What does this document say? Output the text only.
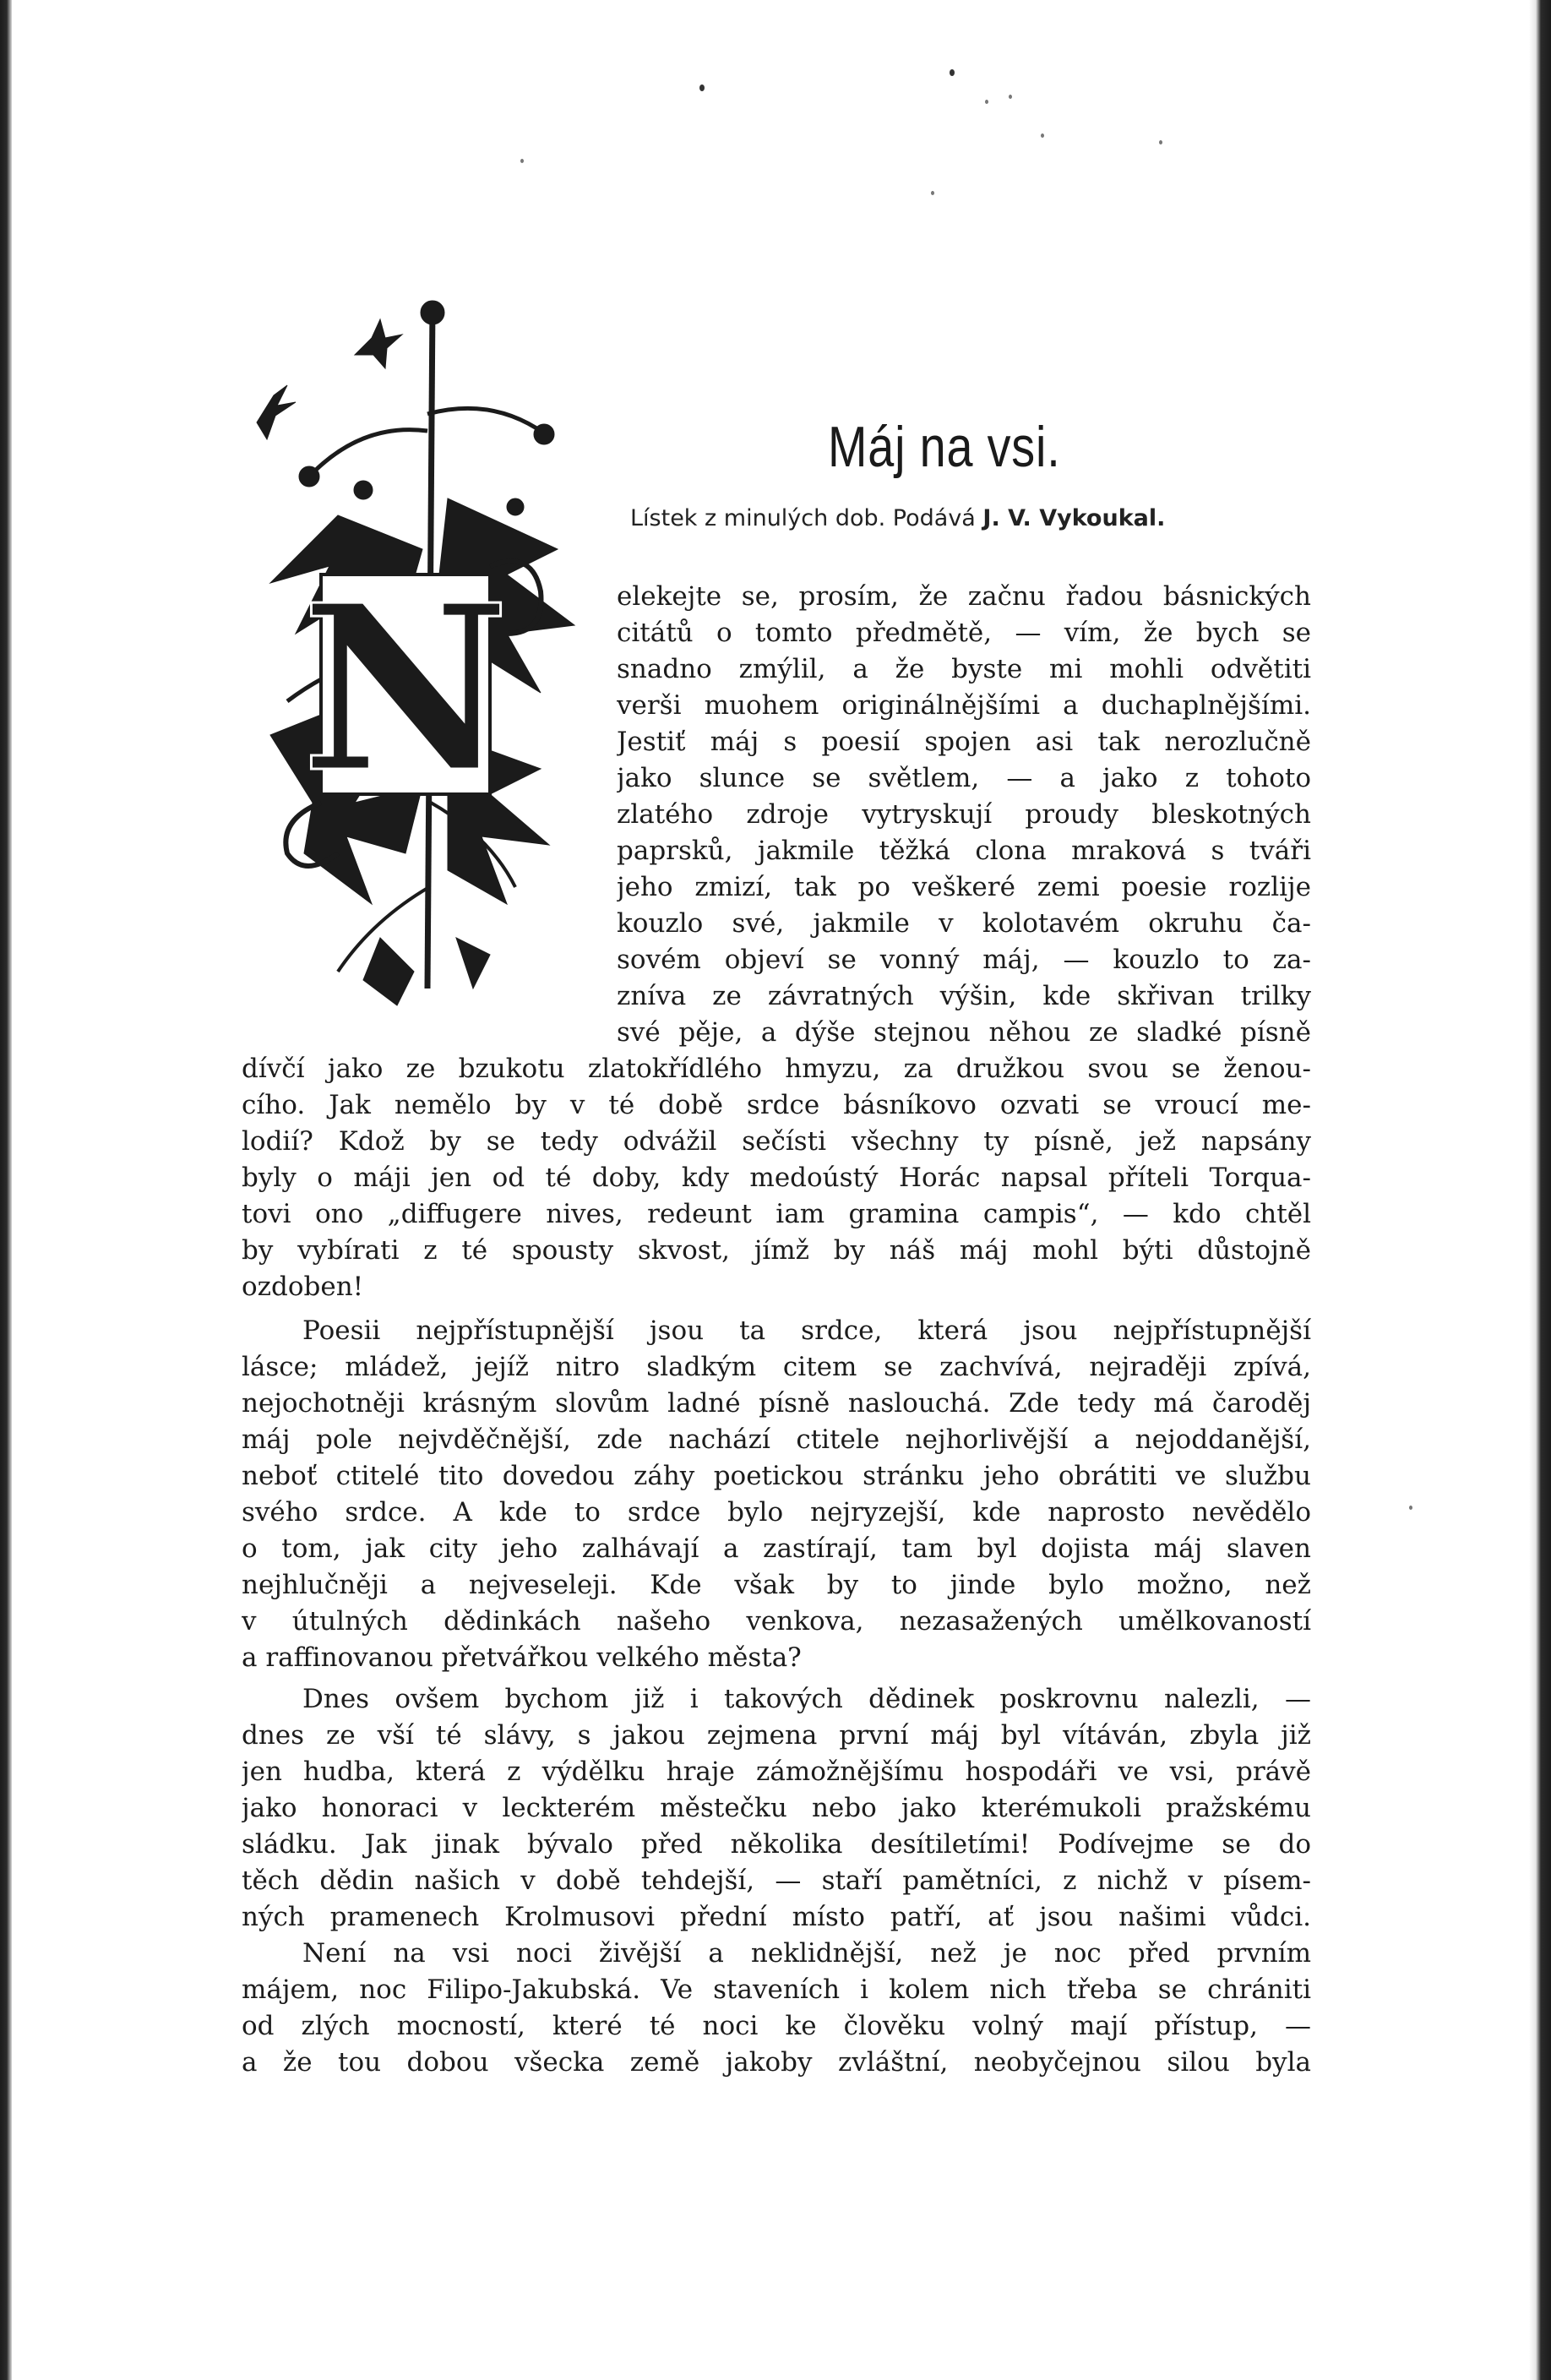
N
Máj na vsi.
Lístek z minulých dob. Podává J. V. Vykoukal.
elekejte se, prosím, že začnu řadou básnických
citátů o tomto předmětě, — vím, že bych se
snadno zmýlil, a že byste mi mohli odvětiti
verši muohem originálnějšími a duchaplnějšími.
Jestiť máj s poesií spojen asi tak nerozlučně
jako slunce se světlem, — a jako z tohoto
zlatého zdroje vytryskují proudy bleskotných
paprsků, jakmile těžká clona mraková s tváři
jeho zmizí, tak po veškeré zemi poesie rozlije
kouzlo své, jakmile v kolotavém okruhu ča-
sovém objeví se vonný máj, — kouzlo to za-
zníva ze závratných výšin, kde skřivan trilky
své pěje, a dýše stejnou něhou ze sladké písně
dívčí jako ze bzukotu zlatokřídlého hmyzu, za družkou svou se ženou-
cího. Jak nemělo by v té době srdce básníkovo ozvati se vroucí me-
lodií? Kdož by se tedy odvážil sečísti všechny ty písně, jež napsány
byly o máji jen od té doby, kdy medoústý Horác napsal příteli Torqua-
tovi ono „diffugere nives, redeunt iam gramina campis“, — kdo chtěl
by vybírati z té spousty skvost, jímž by náš máj mohl býti důstojně
ozdoben!
Poesii nejpřístupnější jsou ta srdce, která jsou nejpřístupnější
lásce; mládež, jejíž nitro sladkým citem se zachvívá, nejraději zpívá,
nejochotněji krásným slovům ladné písně naslouchá. Zde tedy má čaroděj
máj pole nejvděčnější, zde nachází ctitele nejhorlivější a nejoddanější,
neboť ctitelé tito dovedou záhy poetickou stránku jeho obrátiti ve službu
svého srdce. A kde to srdce bylo nejryzejší, kde naprosto nevědělo
o tom, jak city jeho zalhávají a zastírají, tam byl dojista máj slaven
nejhlučněji a nejveseleji. Kde však by to jinde bylo možno, než
v útulných dědinkách našeho venkova, nezasažených umělkovaností
a raffinovanou přetvářkou velkého města?
Dnes ovšem bychom již i takových dědinek poskrovnu nalezli, —
dnes ze vší té slávy, s jakou zejmena první máj byl vítáván, zbyla již
jen hudba, která z výdělku hraje zámožnějšímu hospodáři ve vsi, právě
jako honoraci v leckterém městečku nebo jako kterémukoli pražskému
sládku. Jak jinak bývalo před několika desítiletími! Podívejme se do
těch dědin našich v době tehdejší, — staří pamětníci, z nichž v písem-
ných pramenech Krolmusovi přední místo patří, ať jsou našimi vůdci.
Není na vsi noci živější a neklidnější, než je noc před prvním
májem, noc Filipo-Jakubská. Ve staveních i kolem nich třeba se chrániti
od zlých mocností, které té noci ke člověku volný mají přístup, —
a že tou dobou všecka země jakoby zvláštní, neobyčejnou silou byla
